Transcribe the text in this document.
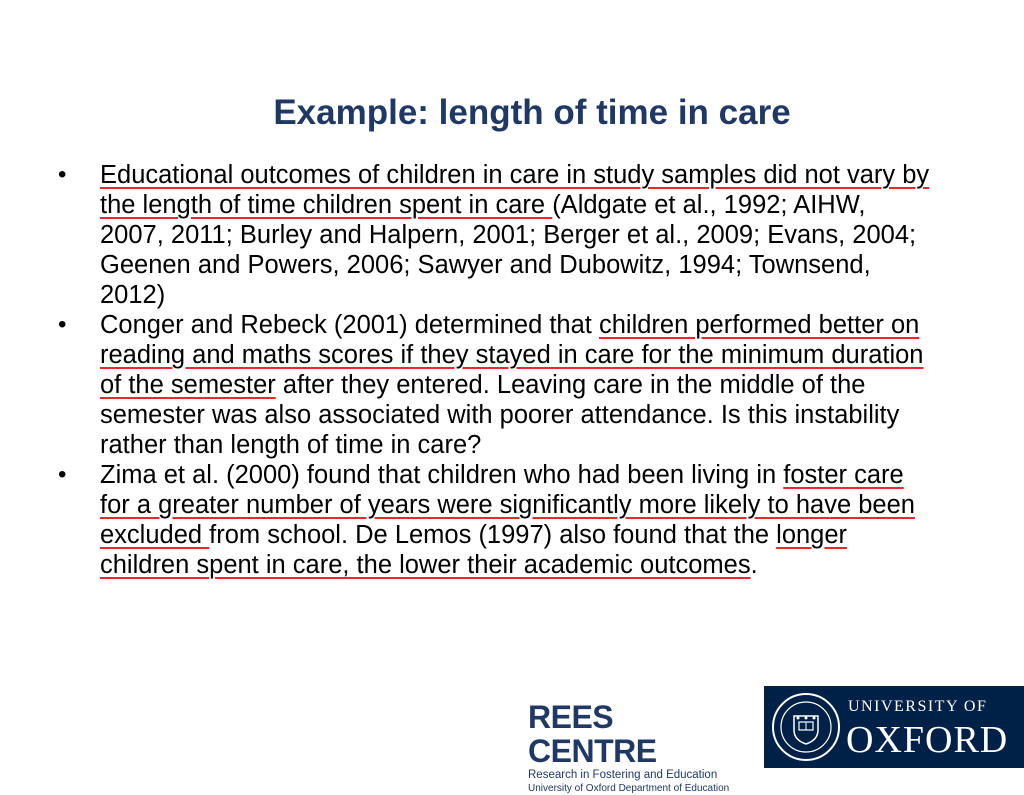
Example: length of time in care
• Educational outcomes of children in care in study samples did not vary by the length of time children spent in care (Aldgate et al., 1992; AIHW, 2007, 2011; Burley and Halpern, 2001; Berger et al., 2009; Evans, 2004; Geenen and Powers, 2006; Sawyer and Dubowitz, 1994; Townsend, 2012)
• Conger and Rebeck (2001) determined that children performed better on reading and maths scores if they stayed in care for the minimum duration of the semester after they entered. Leaving care in the middle of the semester was also associated with poorer attendance. Is this instability rather than length of time in care?
• Zima et al. (2000) found that children who had been living in foster care for a greater number of years were significantly more likely to have been excluded from school. De Lemos (1997) also found that the longer children spent in care, the lower their academic outcomes.
REES CENTRE
Research in Fostering and Education
University of Oxford Department of Education
UNIVERSITY OF
OXFORD
